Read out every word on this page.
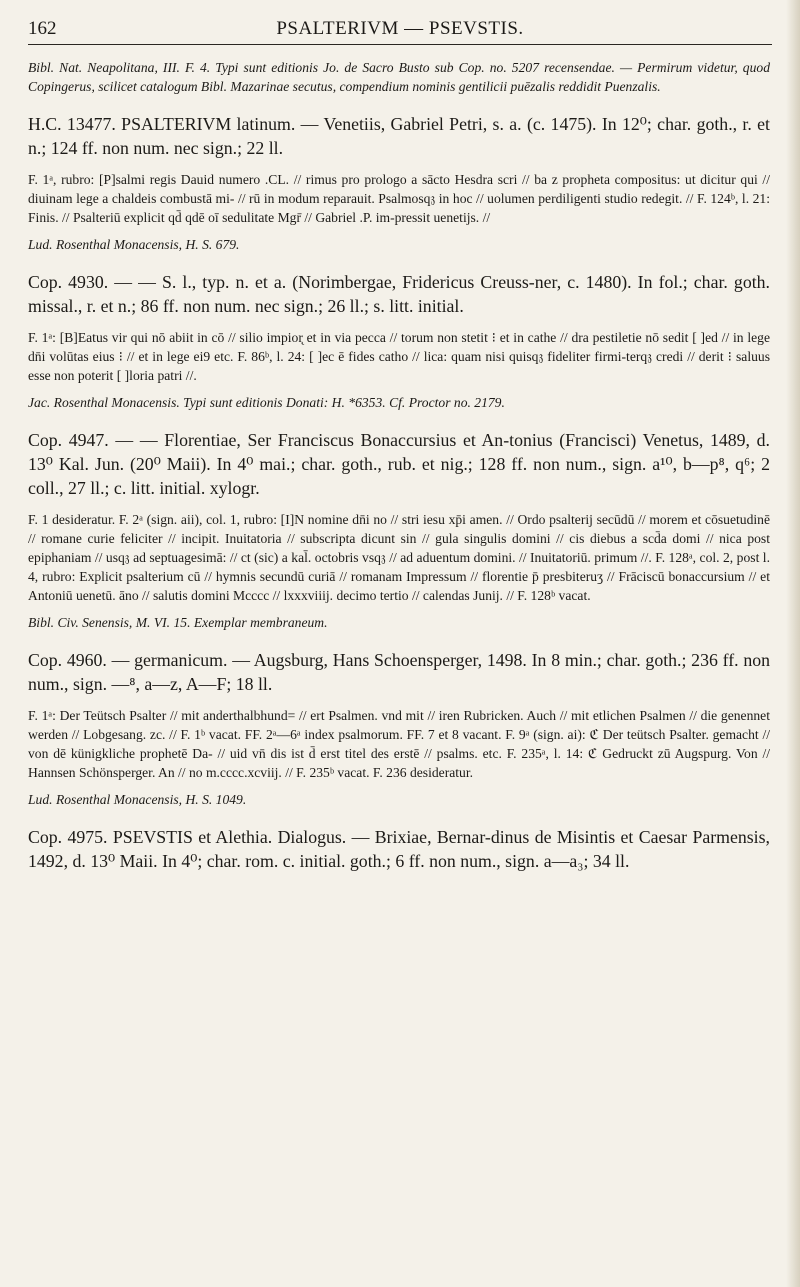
162	PSALTERIVM — PSEVSTIS.

Bibl. Nat. Neapolitana, III. F. 4. Typi sunt editionis Jo. de Sacro Busto sub Cop. no. 5207 recensendae. — Permirum videtur, quod Copingerus, scilicet catalogum Bibl. Mazarinae secutus, compendium nominis gentilicii puēzalis reddidit Puenzalis.

H.C. 13477. PSALTERIVM latinum. — Venetiis, Gabriel Petri, s. a. (c. 1475). In 12⁰; char. goth., r. et n.; 124 ff. non num. nec sign.; 22 ll.

F. 1ᵃ, rubro: [P]salmi regis Dauid numero .CL. // rimus pro prologo a sācto Hesdra scri // ba z propheta compositus: ut dicitur qui // diuinam lege a chaldeis combustā mi- // rū in modum reparauit. Psalmosq𝔷 in hoc // uolumen perdiligenti studio redegit. // F. 124ᵇ, l. 21: Finis. // Psalteriū explicit qd̄ qdē oī sedulitate Mgr̄ // Gabriel .P. im-pressit uenetijs. //

Lud. Rosenthal Monacensis, H. S. 679.

Cop. 4930. — — S. l., typ. n. et a. (Norimbergae, Fridericus Creuss-ner, c. 1480). In fol.; char. goth. missal., r. et n.; 86 ff. non num. nec sign.; 26 ll.; s. litt. initial.

F. 1ᵃ: [B]Eatus vir qui nō abiit in cō // silio impior̨ et in via pecca // torum non stetit ⁝ et in cathe // dra pestiletie nō sedit [ ]ed // in lege dn̄i volūtas eius ⁝ // et in lege ei9 etc. F. 86ᵇ, l. 24: [ ]ec ē fides catho // lica: quam nisi quisq𝔷 fideliter firmi-terq𝔷 credi // derit ⁝ saluus esse non poterit [ ]loria patri //.

Jac. Rosenthal Monacensis. Typi sunt editionis Donati: H. *6353. Cf. Proctor no. 2179.

Cop. 4947. — — Florentiae, Ser Franciscus Bonaccursius et An-tonius (Francisci) Venetus, 1489, d. 13⁰ Kal. Jun. (20⁰ Maii). In 4⁰ mai.; char. goth., rub. et nig.; 128 ff. non num., sign. a¹⁰, b—p⁸, q⁶; 2 coll., 27 ll.; c. litt. initial. xylogr.

F. 1 desideratur. F. 2ᵃ (sign. aii), col. 1, rubro: [I]N nomine dn̄i no // stri iesu xp̄i amen. // Ordo psalterij secūdū // morem et cōsuetudinē // romane curie feliciter // incipit. Inuitatoria // subscripta dicunt sin // gula singulis domini // cis diebus a scd̄a domi // nica post epiphaniam // usq𝔷 ad septuagesimā: // ct (sic) a kal̄. octobris vsq𝔷 // ad aduentum domini. // Inuitatoriū. primum //. F. 128ᵃ, col. 2, post l. 4, rubro: Explicit psalterium cū // hymnis secundū curiā // romanam Impressum // florentie p̄ presbiteruʒ // Frāciscū bonaccursium // et Antoniū uenetū. āno // salutis domini Mcccc // lxxxviiij. decimo tertio // calendas Junij. // F. 128ᵇ vacat.

Bibl. Civ. Senensis, M. VI. 15. Exemplar membraneum.

Cop. 4960. — germanicum. — Augsburg, Hans Schoensperger, 1498. In 8 min.; char. goth.; 236 ff. non num., sign. —⁸, a—z, A—F; 18 ll.

F. 1ᵃ: Der Teütsch Psalter // mit anderthalbhund= // ert Psalmen. vnd mit // iren Rubricken. Auch // mit etlichen Psalmen // die genennet werden // Lobgesang. zc. // F. 1ᵇ vacat. FF. 2ᵃ—6ᵃ index psalmorum. FF. 7 et 8 vacant. F. 9ᵃ (sign. ai): ℭ Der teütsch Psalter. gemacht // von dē künigkliche prophetē Da- // uid vn̄ dis ist d̄ erst titel des erstē // psalms. etc. F. 235ᵃ, l. 14: ℭ Gedruckt zū Augspurg. Von // Hannsen Schönsperger. An // no m.cccc.xcviij. // F. 235ᵇ vacat. F. 236 desideratur.

Lud. Rosenthal Monacensis, H. S. 1049.

Cop. 4975. PSEVSTIS et Alethia. Dialogus. — Brixiae, Bernar-dinus de Misintis et Caesar Parmensis, 1492, d. 13⁰ Maii. In 4⁰; char. rom. c. initial. goth.; 6 ff. non num., sign. a—a₃; 34 ll.
